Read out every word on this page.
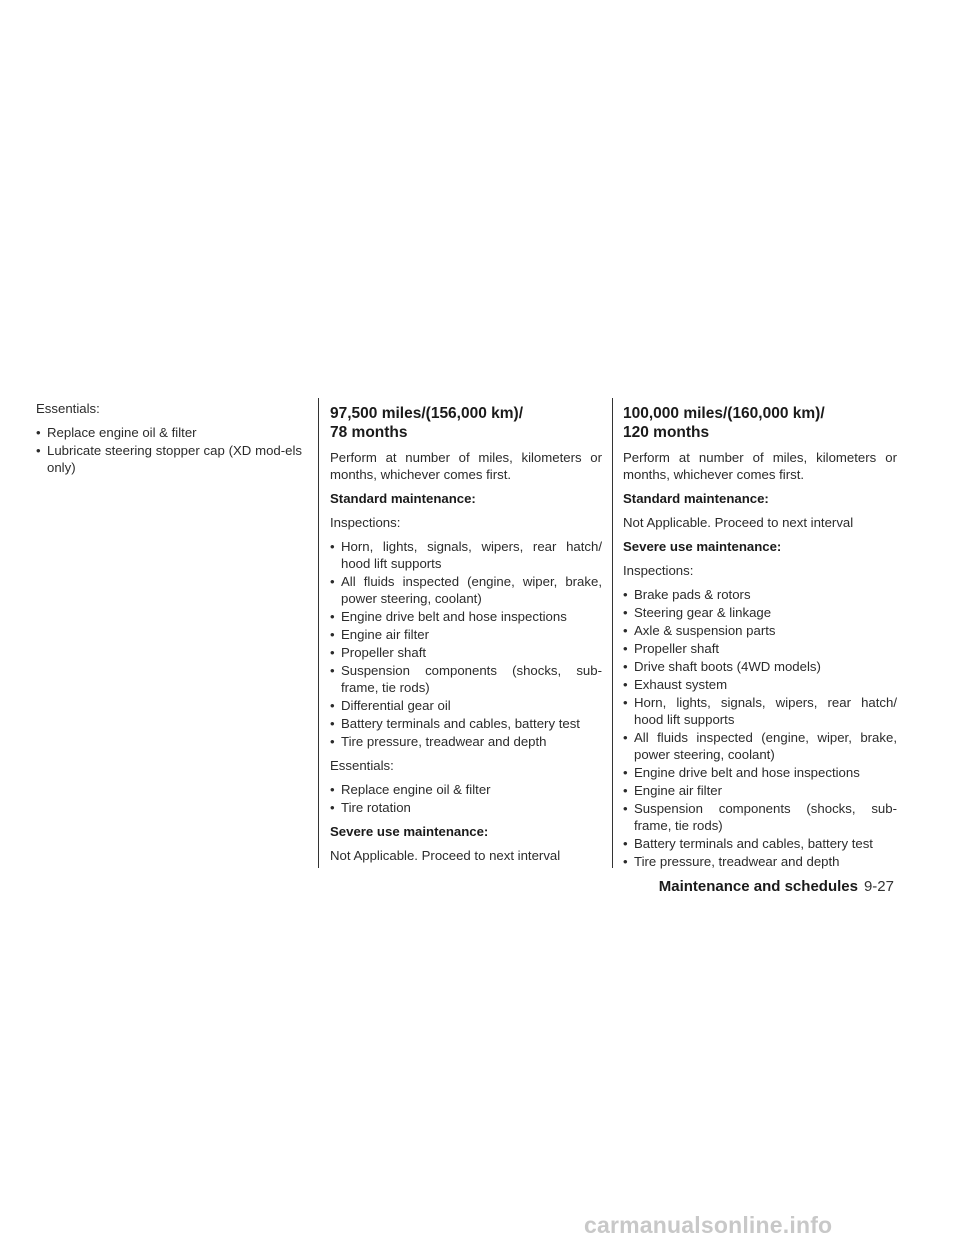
Essentials:

• Replace engine oil & filter
• Lubricate steering stopper cap (XD mod-els only)
97,500 miles/(156,000 km)/
78 months

Perform at number of miles, kilometers or months, whichever comes first.

Standard maintenance:

Inspections:

• Horn, lights, signals, wipers, rear hatch/ hood lift supports
• All fluids inspected (engine, wiper, brake, power steering, coolant)
• Engine drive belt and hose inspections
• Engine air filter
• Propeller shaft
• Suspension components (shocks, sub-frame, tie rods)
• Differential gear oil
• Battery terminals and cables, battery test
• Tire pressure, treadwear and depth

Essentials:

• Replace engine oil & filter
• Tire rotation

Severe use maintenance:

Not Applicable. Proceed to next interval

100,000 miles/(160,000 km)/
120 months

Perform at number of miles, kilometers or months, whichever comes first.

Standard maintenance:

Not Applicable. Proceed to next interval

Severe use maintenance:

Inspections:

• Brake pads & rotors
• Steering gear & linkage
• Axle & suspension parts
• Propeller shaft
• Drive shaft boots (4WD models)
• Exhaust system
• Horn, lights, signals, wipers, rear hatch/ hood lift supports
• All fluids inspected (engine, wiper, brake, power steering, coolant)
• Engine drive belt and hose inspections
• Engine air filter
• Suspension components (shocks, sub-frame, tie rods)
• Battery terminals and cables, battery test
• Tire pressure, treadwear and depth
Maintenance and schedules 9-27
carmanualsonline.info
